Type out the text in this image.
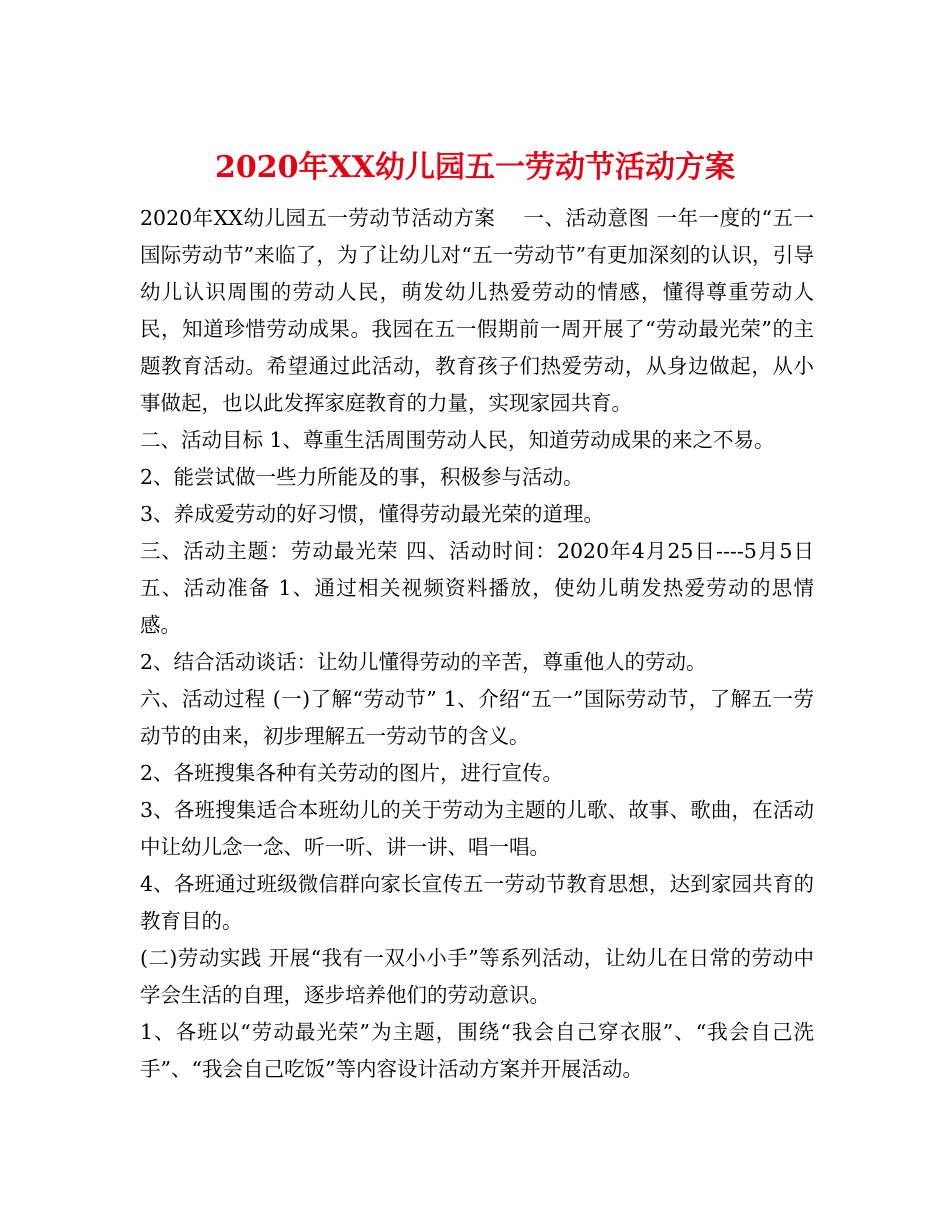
2020年XX幼儿园五一劳动节活动方案

2020年XX幼儿园五一劳动节活动方案　 一、活动意图 一年一度的“五一国际劳动节”来临了，为了让幼儿对“五一劳动节”有更加深刻的认识，引导幼儿认识周围的劳动人民，萌发幼儿热爱劳动的情感，懂得尊重劳动人民，知道珍惜劳动成果。我园在五一假期前一周开展了“劳动最光荣”的主题教育活动。希望通过此活动，教育孩子们热爱劳动，从身边做起，从小事做起，也以此发挥家庭教育的力量，实现家园共育。

二、活动目标 1、尊重生活周围劳动人民，知道劳动成果的来之不易。

2、能尝试做一些力所能及的事，积极参与活动。

3、养成爱劳动的好习惯，懂得劳动最光荣的道理。

三、活动主题：劳动最光荣 四、活动时间：2020年4月25日----5月5日 五、活动准备 1、通过相关视频资料播放，使幼儿萌发热爱劳动的思情感。

2、结合活动谈话：让幼儿懂得劳动的辛苦，尊重他人的劳动。

六、活动过程 (一)了解“劳动节” 1、介绍“五一”国际劳动节，了解五一劳动节的由来，初步理解五一劳动节的含义。

2、各班搜集各种有关劳动的图片，进行宣传。

3、各班搜集适合本班幼儿的关于劳动为主题的儿歌、故事、歌曲，在活动中让幼儿念一念、听一听、讲一讲、唱一唱。

4、各班通过班级微信群向家长宣传五一劳动节教育思想，达到家园共育的教育目的。

(二)劳动实践 开展“我有一双小小手”等系列活动，让幼儿在日常的劳动中学会生活的自理，逐步培养他们的劳动意识。

1、各班以“劳动最光荣”为主题，围绕“我会自己穿衣服”、“我会自己洗手”、“我会自己吃饭”等内容设计活动方案并开展活动。
